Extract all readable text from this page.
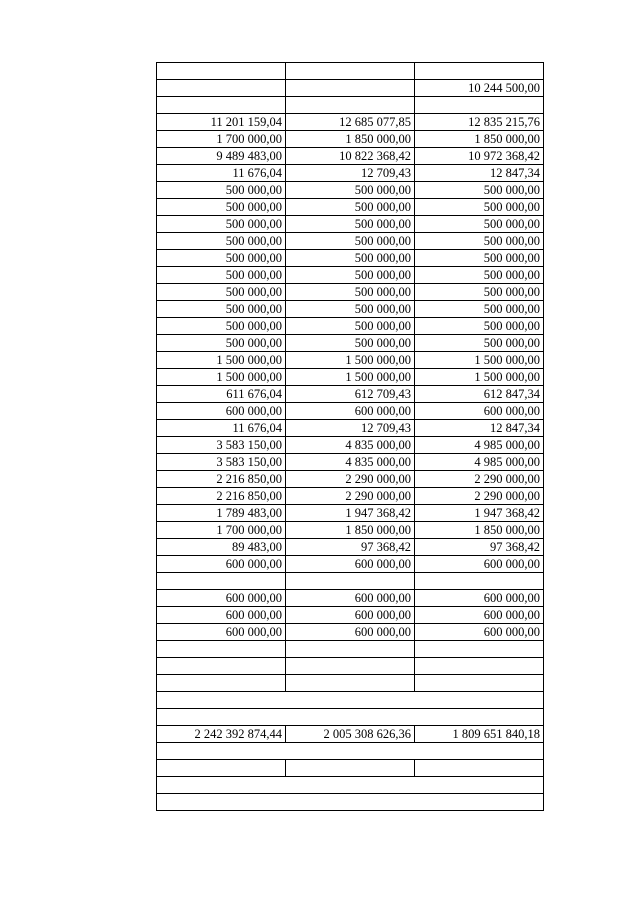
		10 244 500,00

11 201 159,04	12 685 077,85	12 835 215,76
1 700 000,00	1 850 000,00	1 850 000,00
9 489 483,00	10 822 368,42	10 972 368,42
11 676,04	12 709,43	12 847,34
500 000,00	500 000,00	500 000,00
500 000,00	500 000,00	500 000,00
500 000,00	500 000,00	500 000,00
500 000,00	500 000,00	500 000,00
500 000,00	500 000,00	500 000,00
500 000,00	500 000,00	500 000,00
500 000,00	500 000,00	500 000,00
500 000,00	500 000,00	500 000,00
500 000,00	500 000,00	500 000,00
500 000,00	500 000,00	500 000,00
1 500 000,00	1 500 000,00	1 500 000,00
1 500 000,00	1 500 000,00	1 500 000,00
611 676,04	612 709,43	612 847,34
600 000,00	600 000,00	600 000,00
11 676,04	12 709,43	12 847,34
3 583 150,00	4 835 000,00	4 985 000,00
3 583 150,00	4 835 000,00	4 985 000,00
2 216 850,00	2 290 000,00	2 290 000,00
2 216 850,00	2 290 000,00	2 290 000,00
1 789 483,00	1 947 368,42	1 947 368,42
1 700 000,00	1 850 000,00	1 850 000,00
89 483,00	97 368,42	97 368,42
600 000,00	600 000,00	600 000,00

600 000,00	600 000,00	600 000,00
600 000,00	600 000,00	600 000,00
600 000,00	600 000,00	600 000,00

2 242 392 874,44	2 005 308 626,36	1 809 651 840,18
